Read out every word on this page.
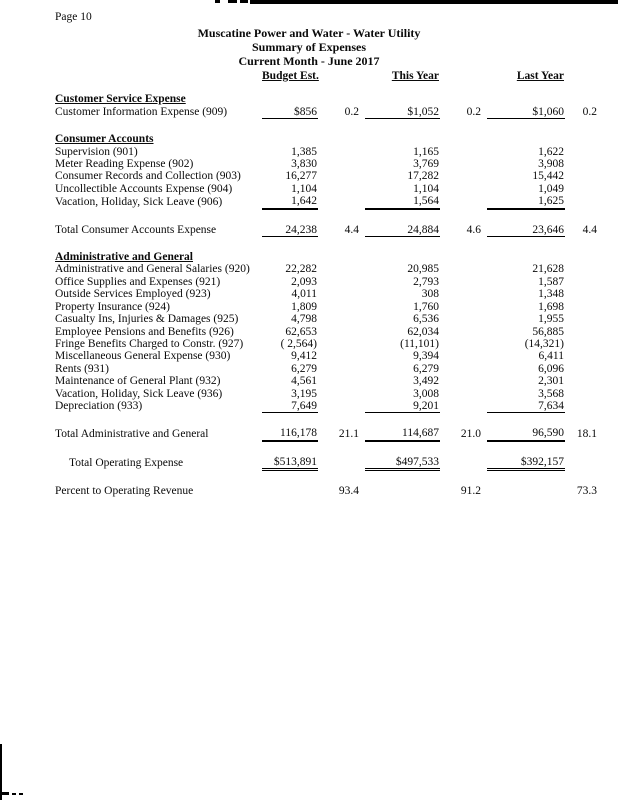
Page 10
Muscatine Power and Water - Water Utility
Summary of Expenses
Current Month - June 2017
	Budget Est.		This Year		Last Year	

Customer Service Expense						
Customer Information Expense (909)	$856	0.2	$1,052	0.2	$1,060	0.2

Consumer Accounts						
Supervision (901)	1,385		1,165		1,622	
Meter Reading Expense (902)	3,830		3,769		3,908	
Consumer Records and Collection (903)	16,277		17,282		15,442	
Uncollectible Accounts Expense (904)	1,104		1,104		1,049	
Vacation, Holiday, Sick Leave (906)	1,642		1,564		1,625	

Total Consumer Accounts Expense	24,238	4.4	24,884	4.6	23,646	4.4

Administrative and General						
Administrative and General Salaries (920)	22,282		20,985		21,628	
Office Supplies and Expenses (921)	2,093		2,793		1,587	
Outside Services Employed (923)	4,011		308		1,348	
Property Insurance (924)	1,809		1,760		1,698	
Casualty Ins, Injuries & Damages (925)	4,798		6,536		1,955	
Employee Pensions and Benefits (926)	62,653		62,034		56,885	
Fringe Benefits Charged to Constr. (927)	( 2,564)		(11,101)		(14,321)	
Miscellaneous General Expense (930)	9,412		9,394		6,411	
Rents (931)	6,279		6,279		6,096	
Maintenance of General Plant (932)	4,561		3,492		2,301	
Vacation, Holiday, Sick Leave (936)	3,195		3,008		3,568	
Depreciation (933)	7,649		9,201		7,634	

Total Administrative and General	116,178	21.1	114,687	21.0	96,590	18.1

Total Operating Expense	$513,891		$497,533		$392,157	

Percent to Operating Revenue		93.4		91.2		73.3
